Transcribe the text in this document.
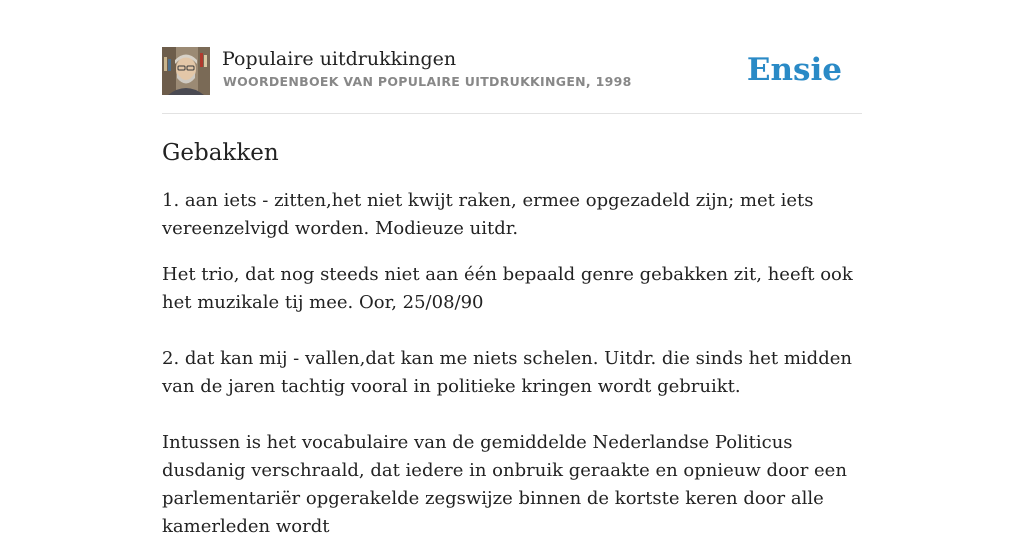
Populaire uitdrukkingen
WOORDENBOEK VAN POPULAIRE UITDRUKKINGEN, 1998	Ensie
Gebakken

1. aan iets - zitten,het niet kwijt raken, ermee opgezadeld zijn; met iets vereenzelvigd worden. Modieuze uitdr.

Het trio, dat nog steeds niet aan één bepaald genre gebakken zit, heeft ook het muzikale tij mee. Oor, 25/08/90

2. dat kan mij - vallen,dat kan me niets schelen. Uitdr. die sinds het midden van de jaren tachtig vooral in politieke kringen wordt gebruikt.

Intussen is het vocabulaire van de gemiddelde Nederlandse Politicus dusdanig verschraald, dat iedere in onbruik geraakte en opnieuw door een parlementariër opgerakelde zegswijze binnen de kortste keren door alle kamerleden wordt
